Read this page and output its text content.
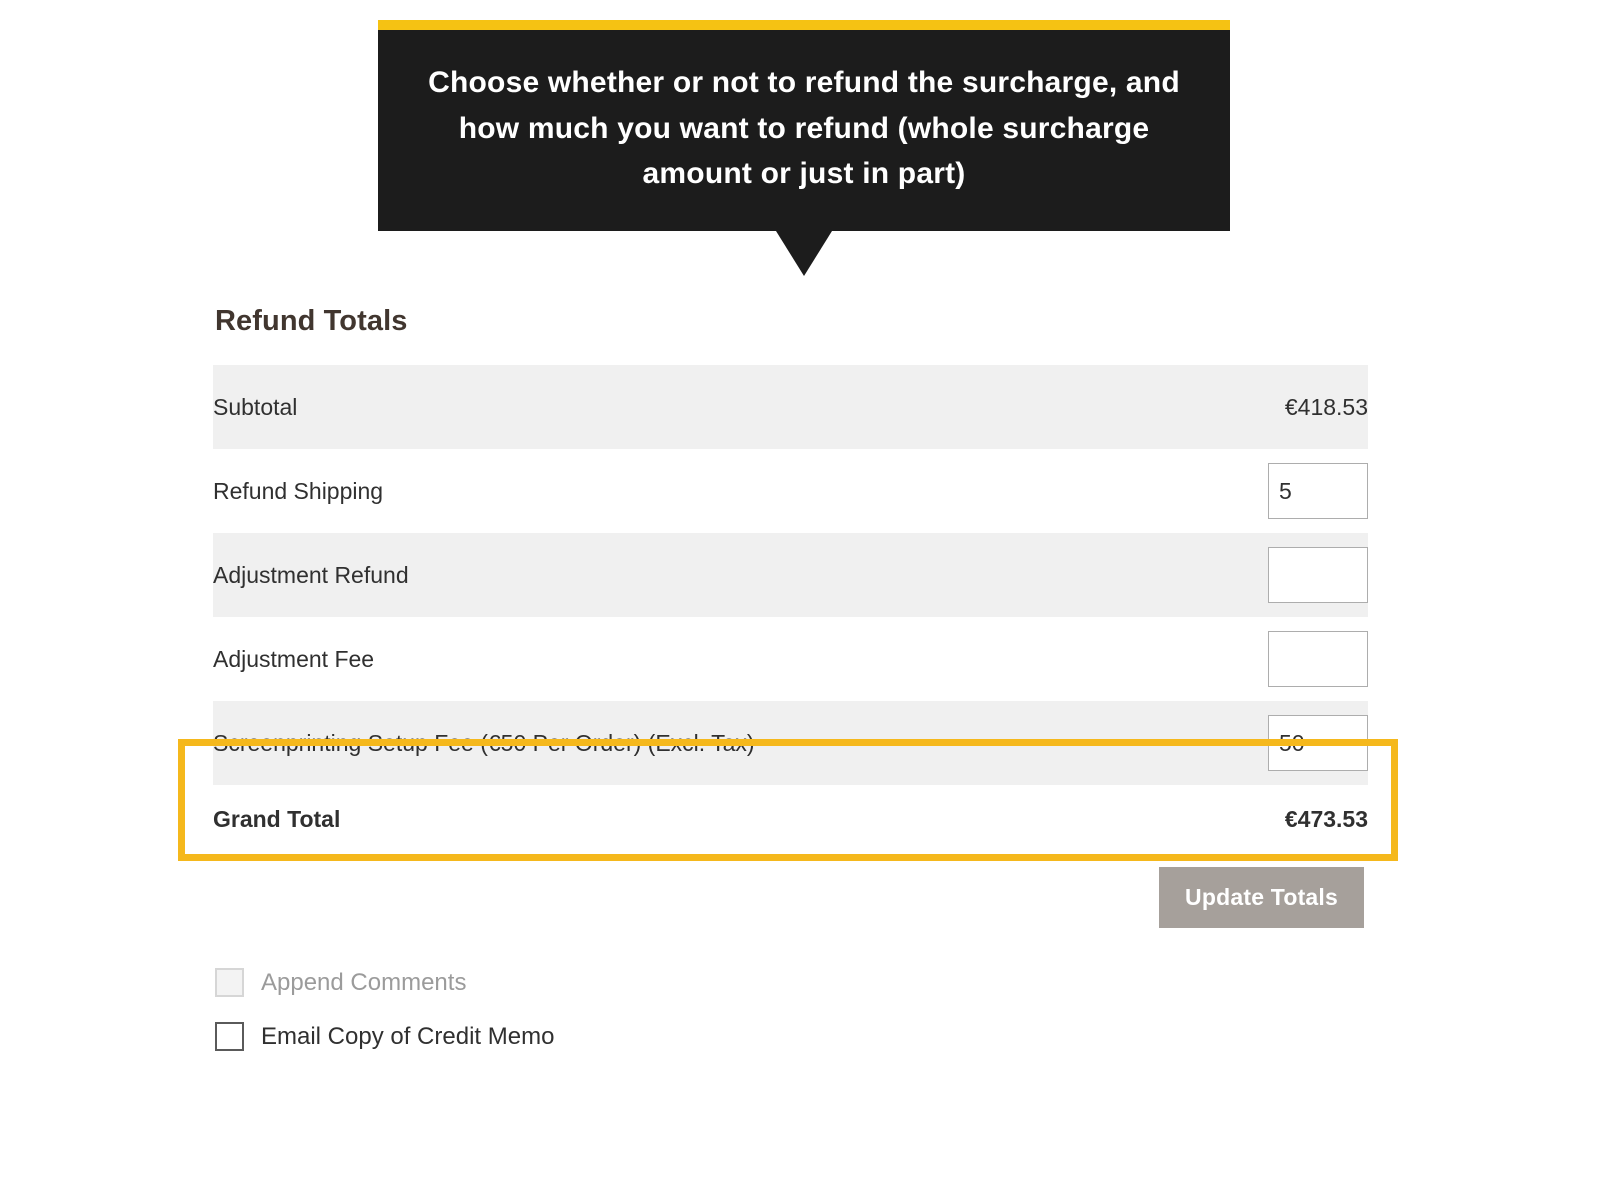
Choose whether or not to refund the surcharge, and how much you want to refund (whole surcharge amount or just in part)
Refund Totals
Subtotal	€418.53
Refund Shipping	5
Adjustment Refund	
Adjustment Fee	
Screenprinting Setup Fee (€50 Per Order) (Excl. Tax)	50
Grand Total	€473.53
Update Totals
Append Comments
Email Copy of Credit Memo
